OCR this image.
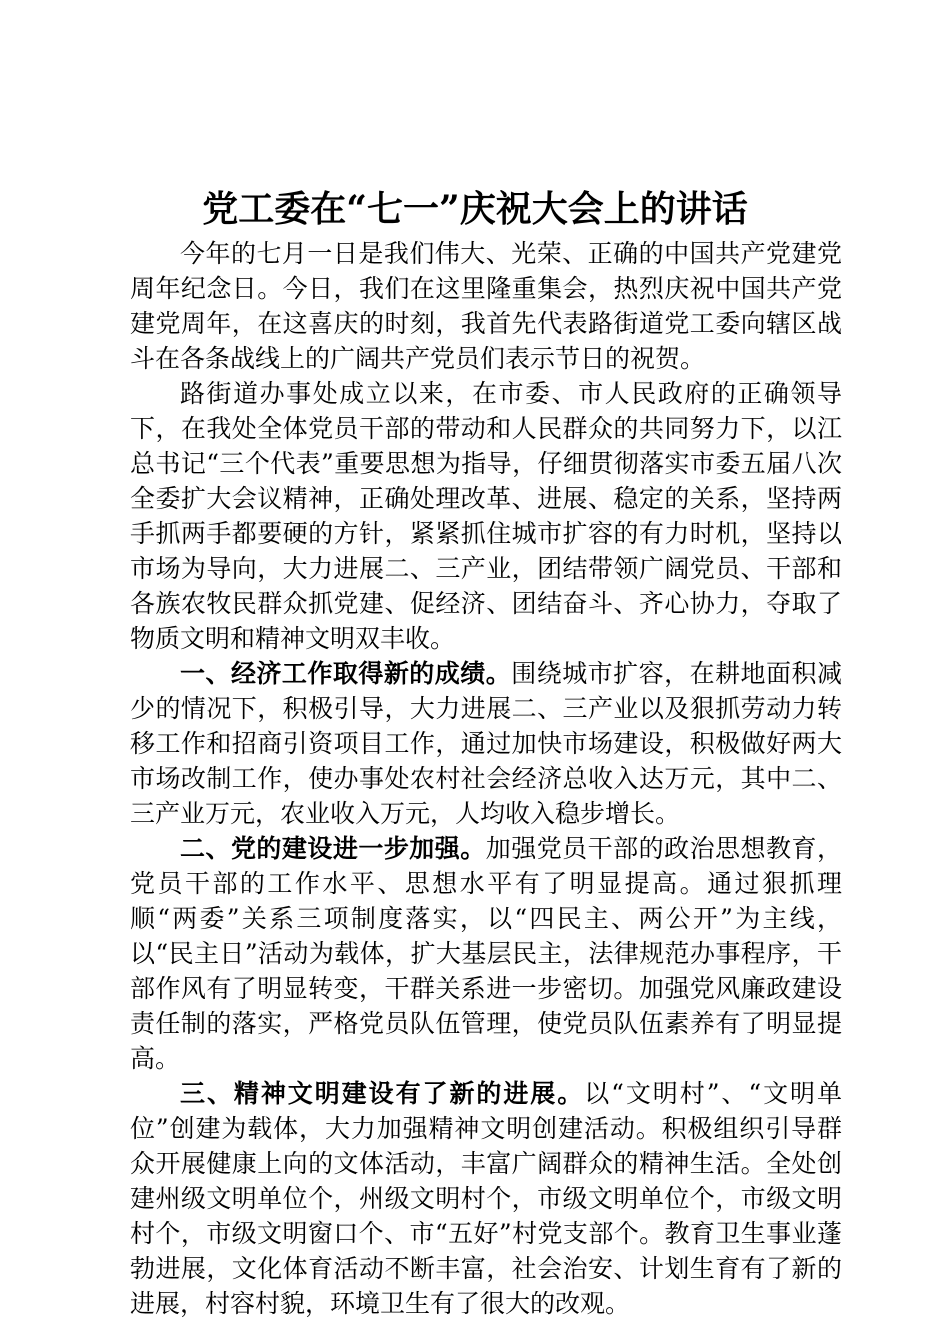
党工委在“七一”庆祝大会上的讲话

今年的七月一日是我们伟大、光荣、正确的中国共产党建党周年纪念日。今日，我们在这里隆重集会，热烈庆祝中国共产党建党周年，在这喜庆的时刻，我首先代表路街道党工委向辖区战斗在各条战线上的广阔共产党员们表示节日的祝贺。

路街道办事处成立以来，在市委、市人民政府的正确领导下，在我处全体党员干部的带动和人民群众的共同努力下，以江总书记“三个代表”重要思想为指导，仔细贯彻落实市委五届八次全委扩大会议精神，正确处理改革、进展、稳定的关系，坚持两手抓两手都要硬的方针，紧紧抓住城市扩容的有力时机，坚持以市场为导向，大力进展二、三产业，团结带领广阔党员、干部和各族农牧民群众抓党建、促经济、团结奋斗、齐心协力，夺取了物质文明和精神文明双丰收。

一、经济工作取得新的成绩。围绕城市扩容，在耕地面积减少的情况下，积极引导，大力进展二、三产业以及狠抓劳动力转移工作和招商引资项目工作，通过加快市场建设，积极做好两大市场改制工作，使办事处农村社会经济总收入达万元，其中二、三产业万元，农业收入万元，人均收入稳步增长。

二、党的建设进一步加强。加强党员干部的政治思想教育，党员干部的工作水平、思想水平有了明显提高。通过狠抓理顺“两委”关系三项制度落实，以“四民主、两公开”为主线，以“民主日”活动为载体，扩大基层民主，法律规范办事程序，干部作风有了明显转变，干群关系进一步密切。加强党风廉政建设责任制的落实，严格党员队伍管理，使党员队伍素养有了明显提高。

三、精神文明建设有了新的进展。以“文明村”、“文明单位”创建为载体，大力加强精神文明创建活动。积极组织引导群众开展健康上向的文体活动，丰富广阔群众的精神生活。全处创建州级文明单位个，州级文明村个，市级文明单位个，市级文明村个，市级文明窗口个、市“五好”村党支部个。教育卫生事业蓬勃进展，文化体育活动不断丰富，社会治安、计划生育有了新的进展，村容村貌，环境卫生有了很大的改观。
